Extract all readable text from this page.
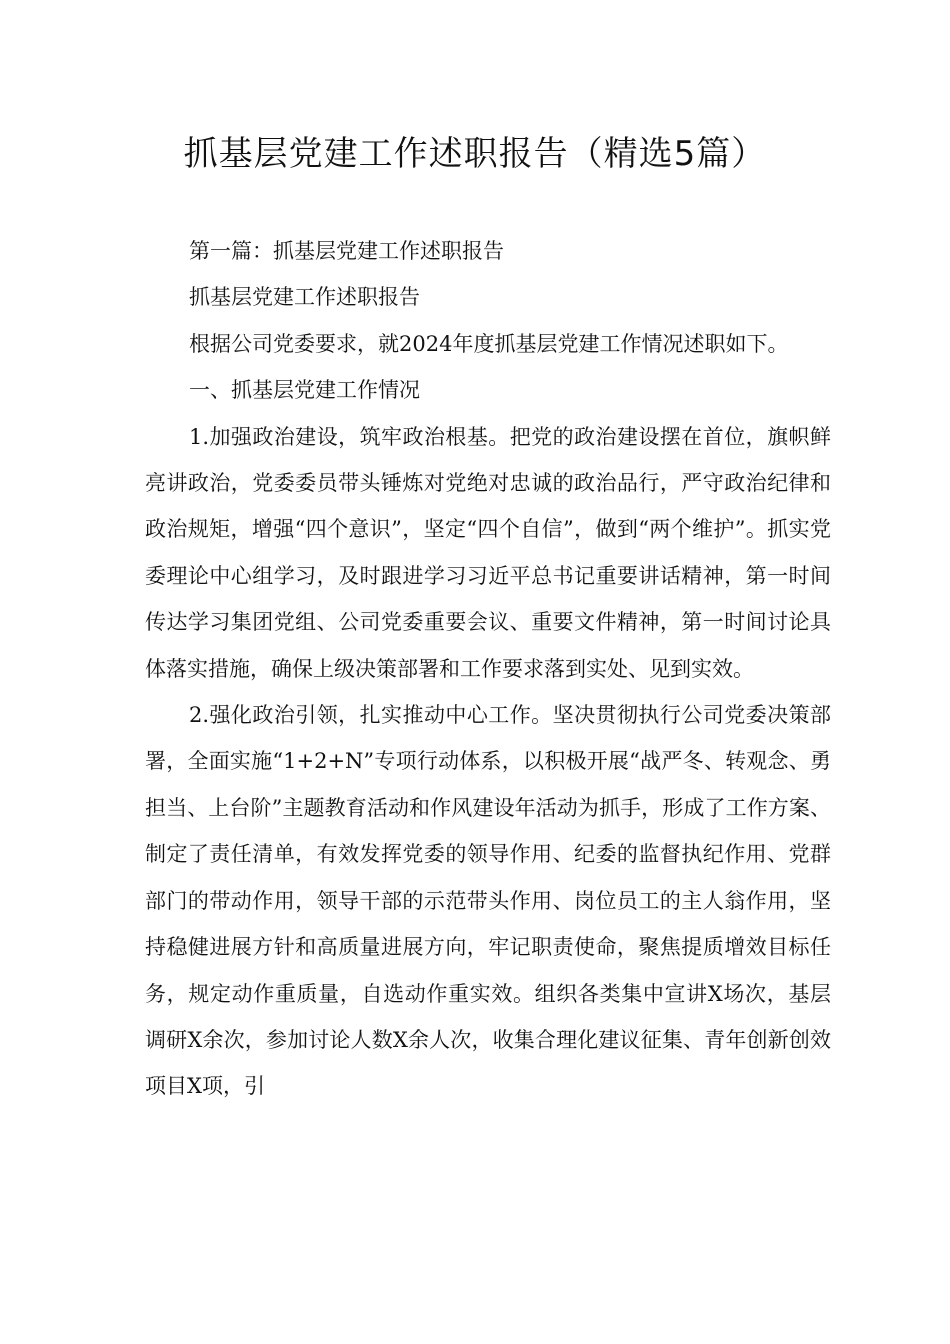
抓基层党建工作述职报告（精选5篇）

第一篇：抓基层党建工作述职报告

抓基层党建工作述职报告

根据公司党委要求，就2024年度抓基层党建工作情况述职如下。

一、抓基层党建工作情况

1.加强政治建设，筑牢政治根基。把党的政治建设摆在首位，旗帜鲜亮讲政治，党委委员带头锤炼对党绝对忠诚的政治品行，严守政治纪律和政治规矩，增强“四个意识”，坚定“四个自信”，做到“两个维护”。抓实党委理论中心组学习，及时跟进学习习近平总书记重要讲话精神，第一时间传达学习集团党组、公司党委重要会议、重要文件精神，第一时间讨论具体落实措施，确保上级决策部署和工作要求落到实处、见到实效。

2.强化政治引领，扎实推动中心工作。坚决贯彻执行公司党委决策部署，全面实施“1+2+N”专项行动体系，以积极开展“战严冬、转观念、勇担当、上台阶”主题教育活动和作风建设年活动为抓手，形成了工作方案、制定了责任清单，有效发挥党委的领导作用、纪委的监督执纪作用、党群部门的带动作用，领导干部的示范带头作用、岗位员工的主人翁作用，坚持稳健进展方针和高质量进展方向，牢记职责使命，聚焦提质增效目标任务，规定动作重质量，自选动作重实效。组织各类集中宣讲X场次，基层调研X余次，参加讨论人数X余人次，收集合理化建议征集、青年创新创效项目X项，引
